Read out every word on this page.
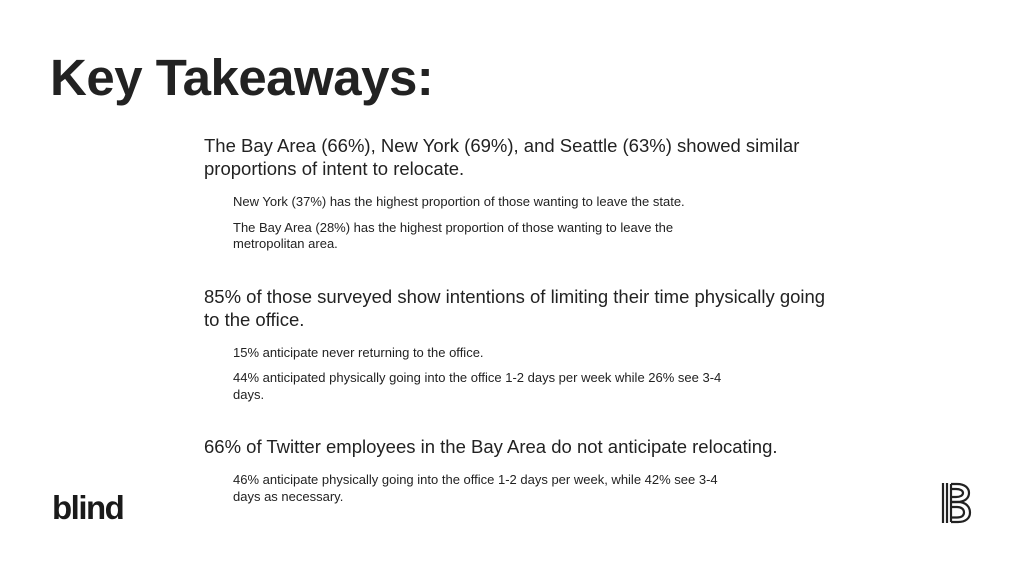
Key Takeaways:

The Bay Area (66%), New York (69%), and Seattle (63%) showed similar proportions of intent to relocate.

New York (37%) has the highest proportion of those wanting to leave the state.

The Bay Area (28%) has the highest proportion of those wanting to leave the metropolitan area.

85% of those surveyed show intentions of limiting their time physically going to the office.

15% anticipate never returning to the office.

44% anticipated physically going into the office 1-2 days per week while 26% see 3-4 days.

66% of Twitter employees in the Bay Area do not anticipate relocating.

46% anticipate physically going into the office 1-2 days per week, while 42% see 3-4 days as necessary.

blind
